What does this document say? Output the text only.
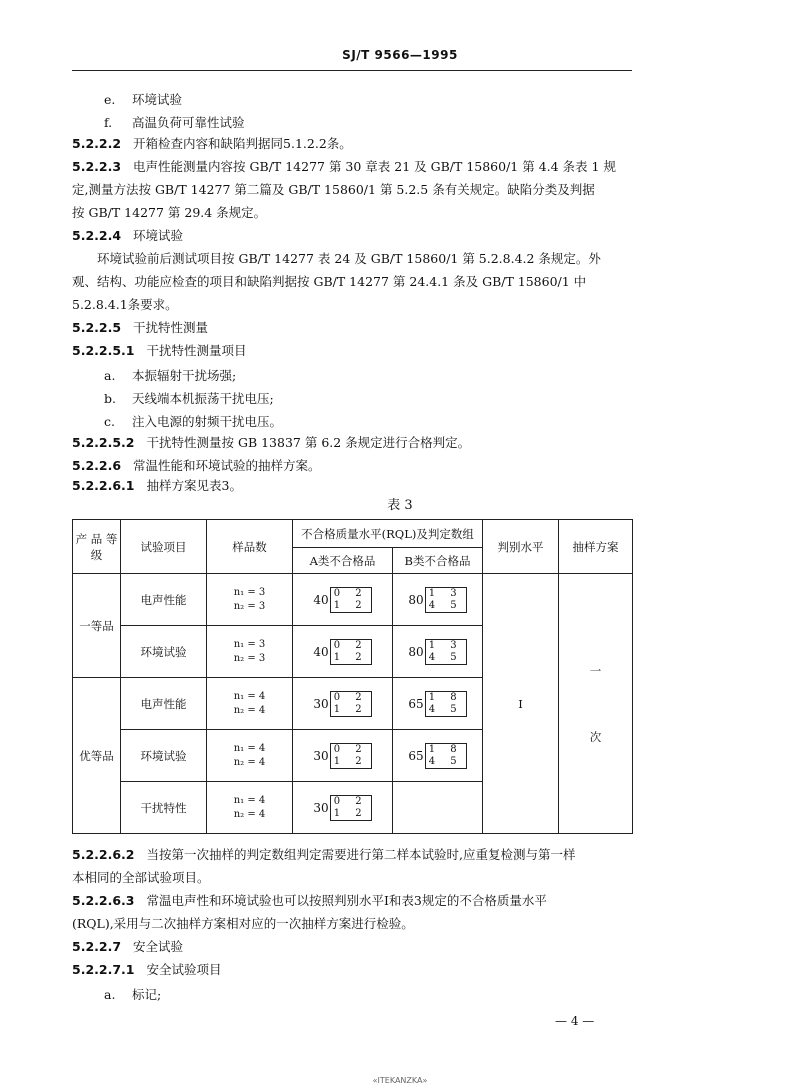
SJ/T 9566—1995
e. 环境试验
f. 高温负荷可靠性试验
5.2.2.2 开箱检查内容和缺陷判据同5.1.2.2条。
5.2.2.3 电声性能测量内容按 GB/T 14277 第 30 章表 21 及 GB/T 15860/1 第 4.4 条表 1 规
定,测量方法按 GB/T 14277 第二篇及 GB/T 15860/1 第 5.2.5 条有关规定。缺陷分类及判据
按 GB/T 14277 第 29.4 条规定。
5.2.2.4 环境试验
环境试验前后测试项目按 GB/T 14277 表 24 及 GB/T 15860/1 第 5.2.8.4.2 条规定。外
观、结构、功能应检查的项目和缺陷判据按 GB/T 14277 第 24.4.1 条及 GB/T 15860/1 中
5.2.8.4.1条要求。
5.2.2.5 干扰特性测量
5.2.2.5.1 干扰特性测量项目
a. 本振辐射干扰场强;
b. 天线端本机振荡干扰电压;
c. 注入电源的射频干扰电压。
5.2.2.5.2 干扰特性测量按 GB 13837 第 6.2 条规定进行合格判定。
5.2.2.6 常温性能和环境试验的抽样方案。
5.2.2.6.1 抽样方案见表3。
表 3
产 品 等 级	试验项目	样品数	不合格质量水平(RQL)及判定数组		判别水平	抽样方案
			A类不合格品	B类不合格品		
一等品	电声性能	n₁ = 3
n₂ = 3	40 0 2
1 2	80 1 3
4 5	I	一
次

	环境试验	n₁ = 3
n₂ = 3	40 0 2
1 2	80 1 3
4 5		

优等品	电声性能	n₁ = 4
n₂ = 4	30 0 2
1 2	65 1 8
4 5		

	环境试验	n₁ = 4
n₂ = 4	30 0 2
1 2	65 1 8
4 5		

	干扰特性	n₁ = 4
n₂ = 4	30 0 2
1 2			

5.2.2.6.2 当按第一次抽样的判定数组判定需要进行第二样本试验时,应重复检测与第一样
本相同的全部试验项目。
5.2.2.6.3 常温电声性和环境试验也可以按照判别水平Ⅰ和表3规定的不合格质量水平
(RQL),采用与二次抽样方案相对应的一次抽样方案进行检验。
5.2.2.7 安全试验
5.2.2.7.1 安全试验项目
a. 标记;
— 4 —
«ITEKANZKA»
